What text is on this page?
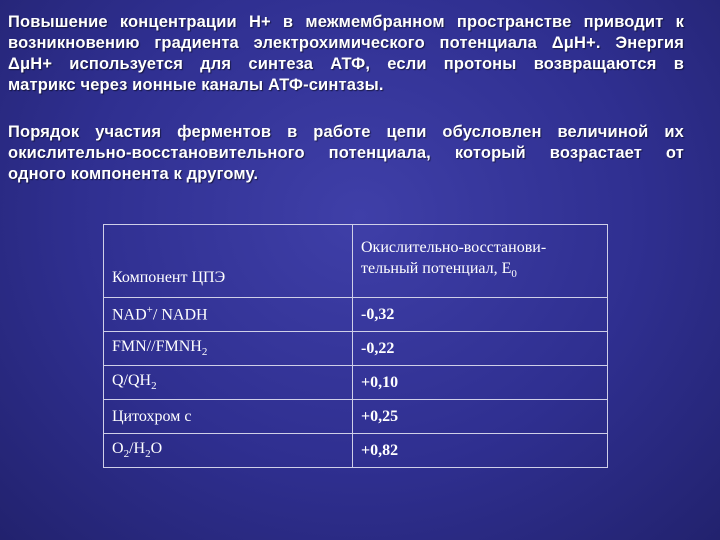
Повышение концентрации Н+ в межмембранном пространстве приводит к
возникновению градиента электрохимического потенциала ΔμН+. Энергия
ΔμН+ используется для синтеза АТФ, если протоны возвращаются в
матрикс через ионные каналы АТФ-синтазы.
Порядок участия ферментов в работе цепи обусловлен величиной их
окислительно-восстановительного потенциала, который возрастает от
одного компонента к другому.
Компонент ЦПЭ	Окислительно-восстанови-
тельный потенциал, $Е_0$

NAD+/ NADH	-0,32
FMN/$/FMNH_2$	-0,22
$Q/QH_2$	+0,10
Цитохром с	+0,25
$O_2/H_2O$	+0,82
